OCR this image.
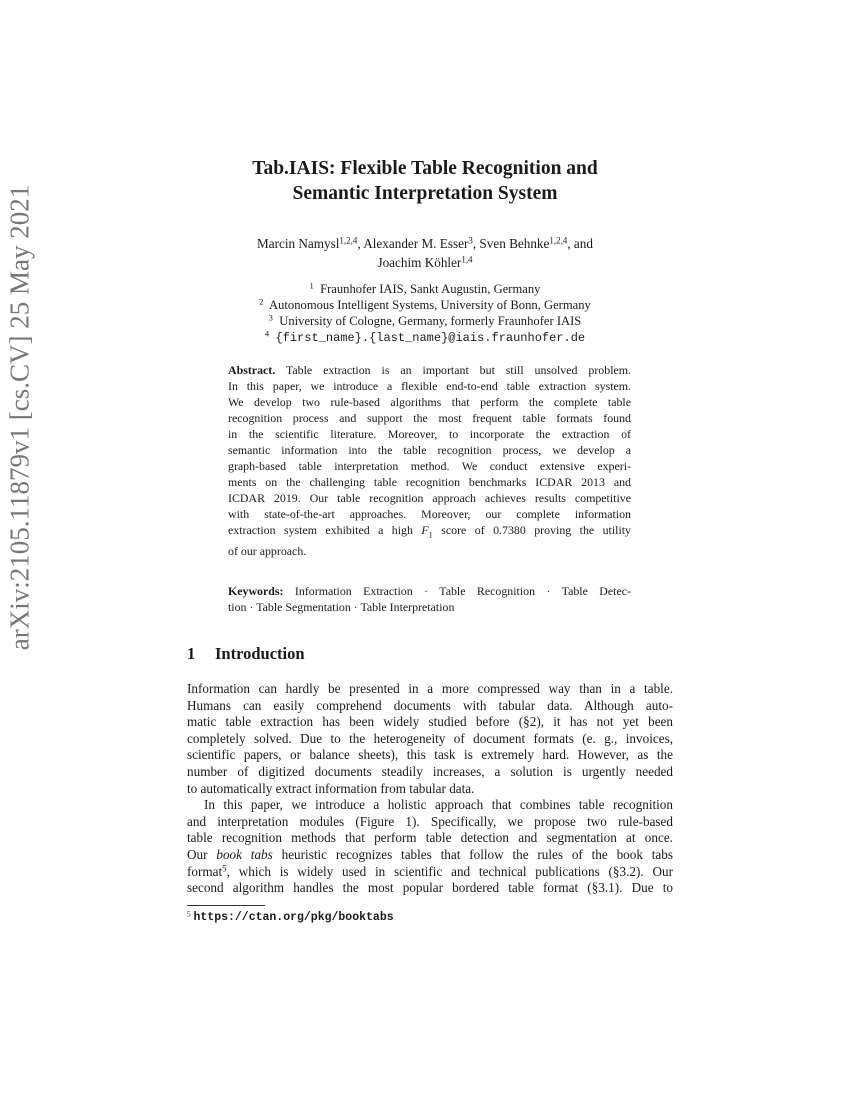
arXiv:2105.11879v1 [cs.CV] 25 May 2021
Tab.IAIS: Flexible Table Recognition and
Semantic Interpretation System
Marcin Namysl$^{1,2,4}$, Alexander M. Esser$^3$, Sven Behnke$^{1,2,4}$, and
Joachim Köhler$^{1,4}$
$^1$ Fraunhofer IAIS, Sankt Augustin, Germany
$^2$ Autonomous Intelligent Systems, University of Bonn, Germany
$^3$ University of Cologne, Germany, formerly Fraunhofer IAIS
$^4$ {first_name}.{last_name}@iais.fraunhofer.de
Abstract. Table extraction is an important but still unsolved problem.
In this paper, we introduce a flexible end-to-end table extraction system.
We develop two rule-based algorithms that perform the complete table
recognition process and support the most frequent table formats found
in the scientific literature. Moreover, to incorporate the extraction of
semantic information into the table recognition process, we develop a
graph-based table interpretation method. We conduct extensive experi-
ments on the challenging table recognition benchmarks ICDAR 2013 and
ICDAR 2019. Our table recognition approach achieves results competitive
with state-of-the-art approaches. Moreover, our complete information
extraction system exhibited a high $F_1$ score of 0.7380 proving the utility
of our approach.
Keywords: Information Extraction · Table Recognition · Table Detec-
tion · Table Segmentation · Table Interpretation
1 Introduction
Information can hardly be presented in a more compressed way than in a table.
Humans can easily comprehend documents with tabular data. Although auto-
matic table extraction has been widely studied before (§2), it has not yet been
completely solved. Due to the heterogeneity of document formats (e. g., invoices,
scientific papers, or balance sheets), this task is extremely hard. However, as the
number of digitized documents steadily increases, a solution is urgently needed
to automatically extract information from tabular data.
In this paper, we introduce a holistic approach that combines table recognition
and interpretation modules (Figure 1). Specifically, we propose two rule-based
table recognition methods that perform table detection and segmentation at once.
Our book tabs heuristic recognizes tables that follow the rules of the book tabs
format$^5$, which is widely used in scientific and technical publications (§3.2). Our
second algorithm handles the most popular bordered table format (§3.1). Due to
$^5$ https://ctan.org/pkg/booktabs
